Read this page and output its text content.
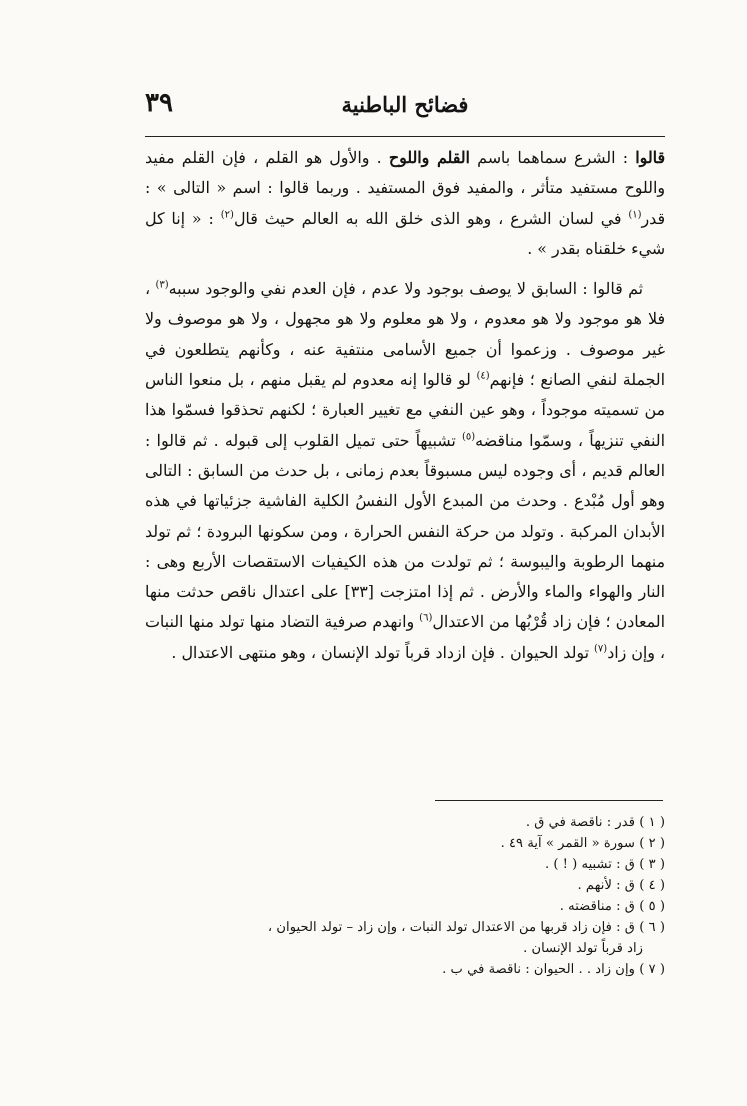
فضائح الباطنية
٣٩

قالوا : الشرع سماهما باسم القلم واللوح . والأول هو القلم ، فإن القلم مفيد واللوح مستفيد متأثر ، والمفيد فوق المستفيد . وربما قالوا : اسم « التالى » : قدر$^{(١)}$ في لسان الشرع ، وهو الذى خلق الله به العالم حيث قال$^{(٢)}$ : « إنا كل شيء خلقناه بقدر » .

ثم قالوا : السابق لا يوصف بوجود ولا عدم ، فإن العدم نفي والوجود سببه$^{(٣)}$ ، فلا هو موجود ولا هو معدوم ، ولا هو معلوم ولا هو مجهول ، ولا هو موصوف ولا غير موصوف . وزعموا أن جميع الأسامى منتفية عنه ، وكأنهم يتطلعون في الجملة لنفي الصانع ؛ فإنهم$^{(٤)}$ لو قالوا إنه معدوم لم يقبل منهم ، بل منعوا الناس من تسميته موجوداً ، وهو عين النفي مع تغيير العبارة ؛ لكنهم تحذقوا فسمّوا هذا النفي تنزيهاً ، وسمّوا مناقضه$^{(٥)}$ تشبيهاً حتى تميل القلوب إلى قبوله . ثم قالوا : العالم قديم ، أى وجوده ليس مسبوقاً بعدم زمانى ، بل حدث من السابق : التالى وهو أول مُبْدع . وحدث من المبدع الأول النفسُ الكلية الفاشية جزئياتها في هذه الأبدان المركبة . وتولد من حركة النفس الحرارة ، ومن سكونها البرودة ؛ ثم تولد منهما الرطوبة واليبوسة ؛ ثم تولدت من هذه الكيفيات الاستقصات الأربع وهى : النار والهواء والماء والأرض . ثم إذا امتزجت [٣٣] على اعتدال ناقص حدثت منها المعادن ؛ فإن زاد قُرْبُها من الاعتدال$^{(٦)}$ وانهدم صرفية التضاد منها تولد منها النبات ، وإن زاد$^{(٧)}$ تولد الحيوان . فإن ازداد قرباً تولد الإنسان ، وهو منتهى الاعتدال .

( ١ ) قدر : ناقصة في ق .

( ٢ ) سورة « القمر » آية ٤٩ .

( ٣ ) ق : تشبيه ( ! ) .

( ٤ ) ق : لأنهم .

( ٥ ) ق : مناقضته .

( ٦ ) ق : فإن زاد قربها من الاعتدال تولد النبات ، وإن زاد – تولد الحيوان ،

زاد قرباً تولد الإنسان .

( ٧ ) وإن زاد . . الحيوان : ناقصة في ب .
